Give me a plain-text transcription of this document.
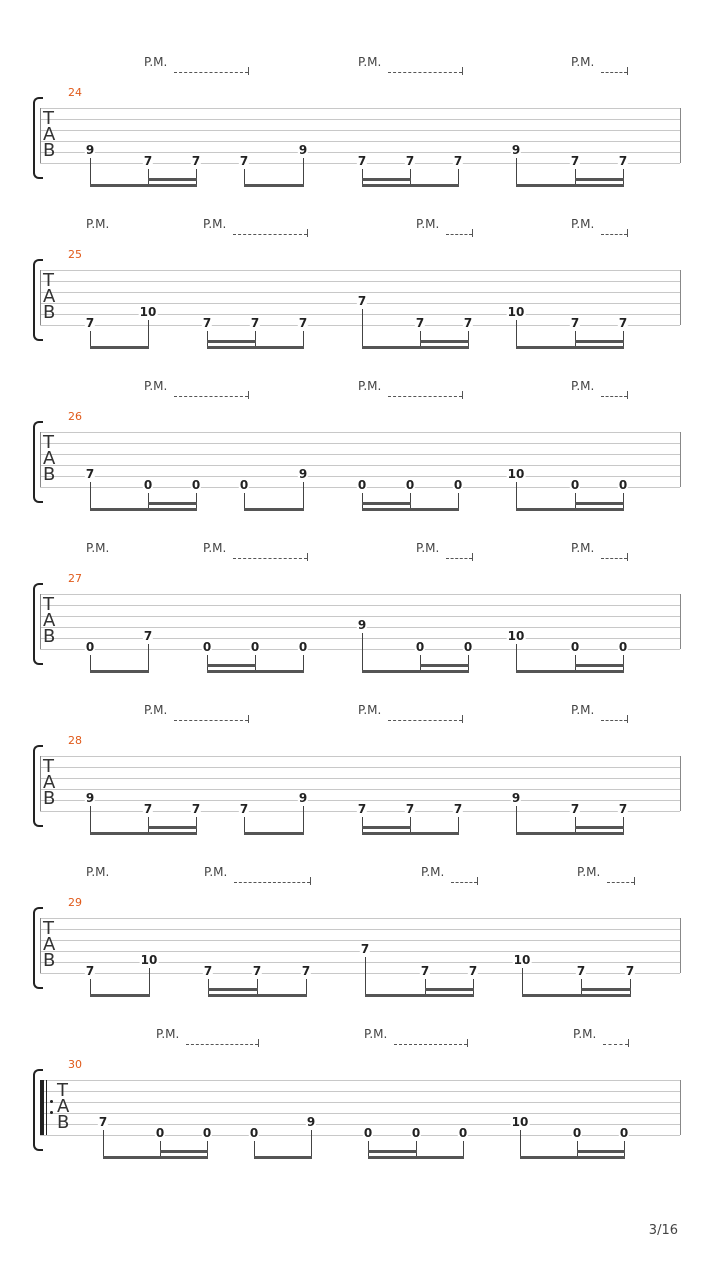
P.M.	P.M.	P.M.
24
T
A
B	9
7	7	7
9
7	7	7
9
7	7
P.M.	P.M.	P.M.	P.M.
25
T
A
B	7
10
7	7	7
7
7	7
10
7	7
P.M.	P.M.	P.M.
26
T
A
B	7
0	0	0
9
0	0	0
10
0	0
P.M.	P.M.	P.M.	P.M.
27
T
A
B	0
7
0	0	0
9
0	0
10
0	0
P.M.	P.M.	P.M.
28
T
A
B	9
7	7	7
9
7	7	7
9
7	7
P.M.	P.M.	P.M.	P.M.
29
T
A
B	7
10
7	7	7
7
7	7
10
7	7
P.M.	P.M.	P.M.
30
T
A
B 7
0	0	0
9
0	0	0
10
0	0
3/16
